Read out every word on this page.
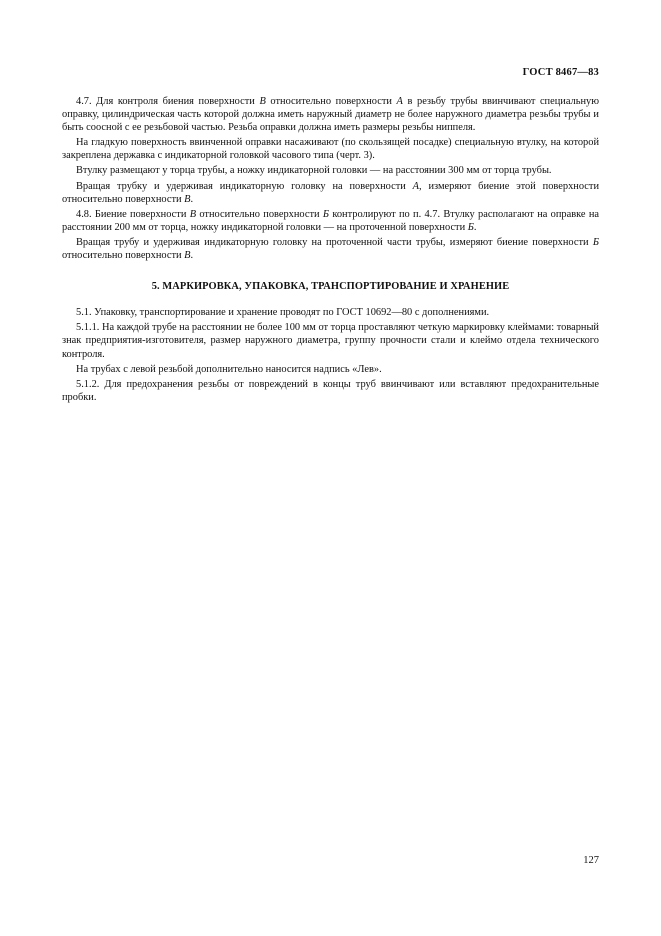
ГОСТ 8467—83

4.7. Для контроля биения поверхности В относительно поверхности А в резьбу трубы ввинчивают специальную оправку, цилиндрическая часть которой должна иметь наружный диаметр не более наружного диаметра резьбы трубы и быть соосной с ее резьбовой частью. Резьба оправки должна иметь размеры резьбы ниппеля.

На гладкую поверхность ввинченной оправки насаживают (по скользящей посадке) специальную втулку, на которой закреплена державка с индикаторной головкой часового типа (черт. 3).

Втулку размещают у торца трубы, а ножку индикаторной головки — на расстоянии 300 мм от торца трубы.

Вращая трубку и удерживая индикаторную головку на поверхности А, измеряют биение этой поверхности относительно поверхности В.

4.8. Биение поверхности В относительно поверхности Б контролируют по п. 4.7. Втулку располагают на оправке на расстоянии 200 мм от торца, ножку индикаторной головки — на проточенной поверхности Б.

Вращая трубу и удерживая индикаторную головку на проточенной части трубы, измеряют биение поверхности Б относительно поверхности В.

5. МАРКИРОВКА, УПАКОВКА, ТРАНСПОРТИРОВАНИЕ И ХРАНЕНИЕ

5.1. Упаковку, транспортирование и хранение проводят по ГОСТ 10692—80 с дополнениями.

5.1.1. На каждой трубе на расстоянии не более 100 мм от торца проставляют четкую маркировку клеймами: товарный знак предприятия-изготовителя, размер наружного диаметра, группу прочности стали и клеймо отдела технического контроля.

На трубах с левой резьбой дополнительно наносится надпись «Лев».

5.1.2. Для предохранения резьбы от повреждений в концы труб ввинчивают или вставляют предохранительные пробки.

127
